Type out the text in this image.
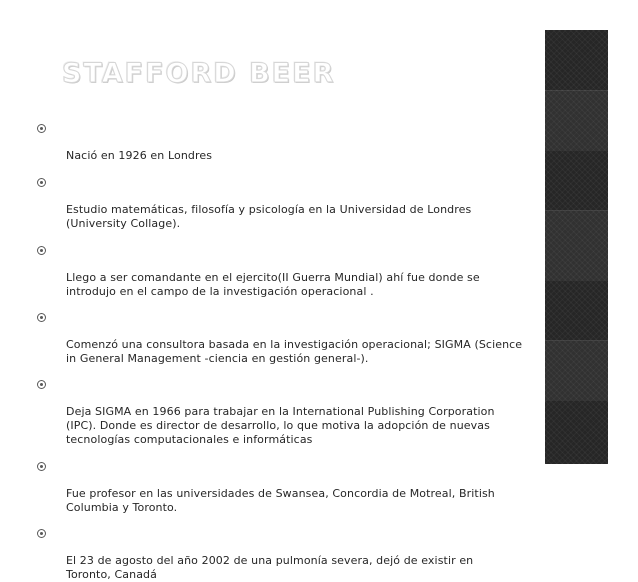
STAFFORD BEER

Nació en 1926 en Londres

Estudio matemáticas, filosofía y psicología en la Universidad de Londres
(University Collage).

Llego a ser comandante en el ejercito(II Guerra Mundial) ahí fue donde se
introdujo en el campo de la investigación operacional .

Comenzó una consultora basada en la investigación operacional; SIGMA (Science
in General Management -ciencia en gestión general-).

Deja SIGMA en 1966 para trabajar en la International Publishing Corporation
(IPC). Donde es director de desarrollo, lo que motiva la adopción de nuevas
tecnologías computacionales e informáticas

Fue profesor en las universidades de Swansea, Concordia de Motreal, British
Columbia y Toronto.

El 23 de agosto del año 2002 de una pulmonía severa, dejó de existir en
Toronto, Canadá
